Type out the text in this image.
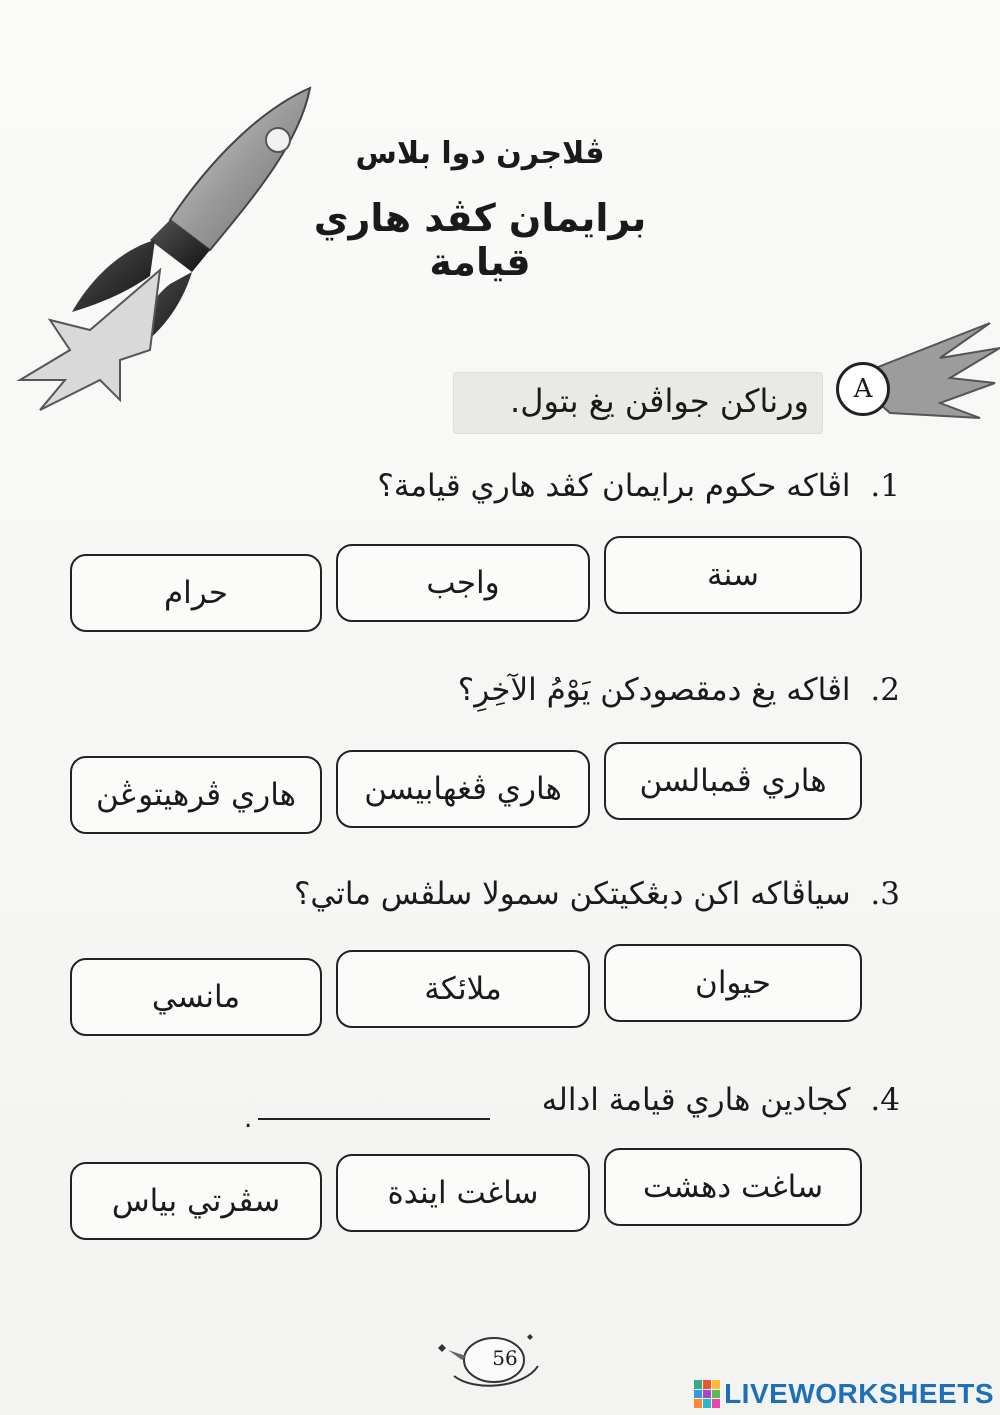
ڤلاجرن دوا بلاس
برايمان كڤد هاري قيامة
A
ورناكن جواڤن يغ بتول.
1. اڤاكه حكوم برايمان كڤد هاري قيامة؟
سنة
واجب
حرام
2. اڤاكه يغ دمقصودكن يَوْمُ الآخِرِ؟
هاري ڤمبالسن
هاري ڤغهابيسن
هاري ڤرهيتوڠن
3. سياڤاكه اكن دبڠكيتكن سمولا سلڤس ماتي؟
حيوان
ملائكة
مانسي
4. كجادين هاري قيامة اداله
.
ساغت دهشت
ساغت ايندة
سڤرتي بياس
56
LIVEWORKSHEETS
